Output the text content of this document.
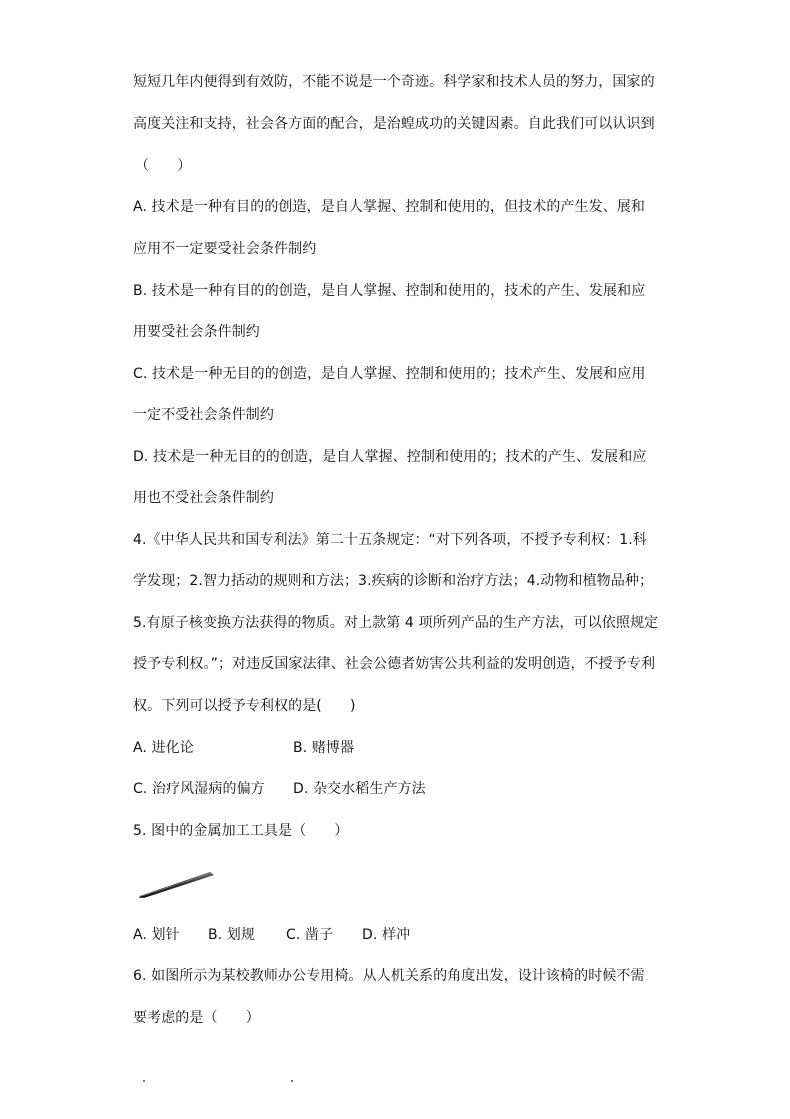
短短几年内便得到有效防，不能不说是一个奇迹。科学家和技术人员的努力，国家的
高度关注和支持，社会各方面的配合，是治蝗成功的关键因素。自此我们可以认识到
（　　）
A. 技术是一种有目的的创造，是自人掌握、控制和使用的，但技术的产生发、展和
应用不一定要受社会条件制约
B. 技术是一种有目的的创造，是自人掌握、控制和使用的，技术的产生、发展和应
用要受社会条件制约
C. 技术是一种无目的的创造，是自人掌握、控制和使用的；技术产生、发展和应用
一定不受社会条件制约
D. 技术是一种无目的的创造，是自人掌握、控制和使用的；技术的产生、发展和应
用也不受社会条件制约
4.《中华人民共和国专利法》第二十五条规定：“对下列各项，不授予专利权：1.科
学发现；2.智力括动的规则和方法；3.疾病的诊断和治疗方法；4.动物和植物品种；
5.有原子核变换方法获得的物质。对上款第 4 项所列产品的生产方法，可以依照规定
授予专利权。”；对违反国家法律、社会公德者妨害公共利益的发明创造，不授予专利
权。下列可以授予专利权的是(　　)
A. 进化论	B. 赌博器
C. 治疗风湿病的偏方 D. 杂交水稻生产方法
5. 图中的金属加工工具是（　　）
A. 划针 B. 划规 C. 凿子 D. 样冲
6. 如图所示为某校教师办公专用椅。从人机关系的角度出发，设计该椅的时候不需
要考虑的是（　　）
